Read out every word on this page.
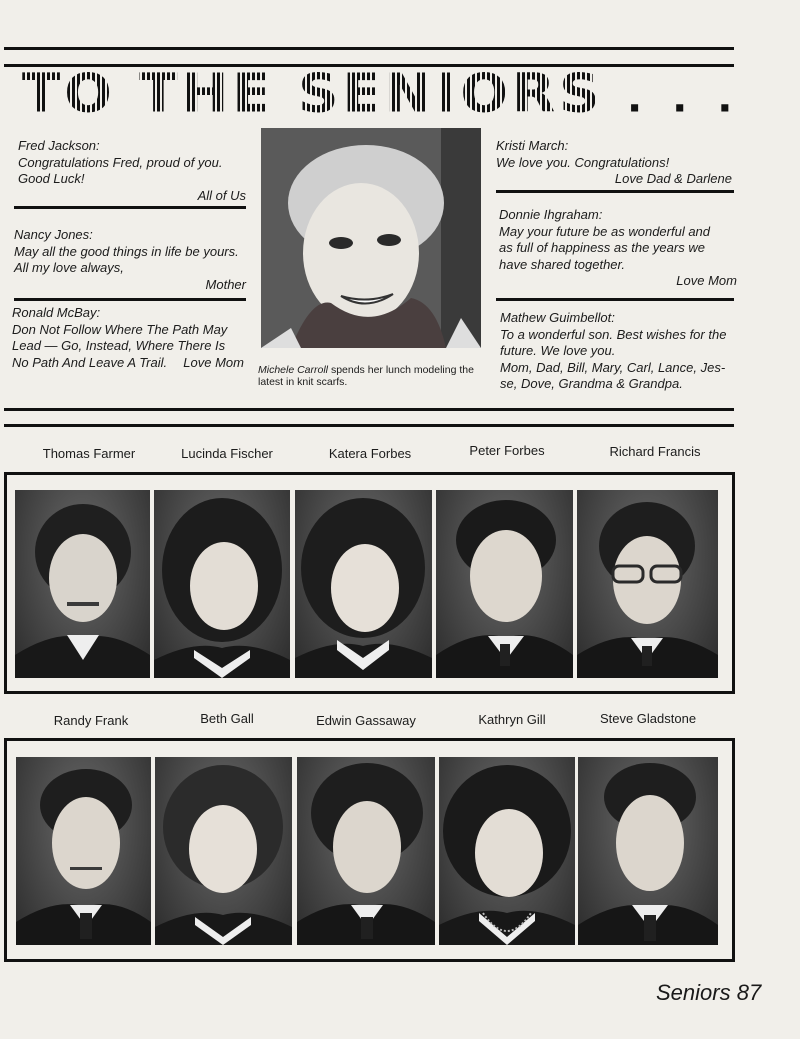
TO THE SENIORS . . .
Fred Jackson:
Congratulations Fred, proud of you.
Good Luck!
All of Us
Nancy Jones:
May all the good things in life be yours.
All my love always,
Mother
Ronald McBay:
Don Not Follow Where The Path May
Lead — Go, Instead, Where There Is
No Path And Leave A Trail.	Love Mom Michele Carroll spends her lunch modeling the latest in knit scarfs.
Kristi March:
We love you. Congratulations!
Love Dad & Darlene
Donnie Ihgraham:
May your future be as wonderful and
as full of happiness as the years we
have shared together.
Love Mom
Mathew Guimbellot:
To a wonderful son. Best wishes for the
future. We love you.
Mom, Dad, Bill, Mary, Carl, Lance, Jes-
se, Dove, Grandma & Grandpa.
Thomas Farmer	Lucinda Fischer	Katera Forbes	Peter Forbes	Richard Francis
Randy Frank	Beth Gall	Edwin Gassaway	Kathryn Gill	Steve Gladstone
Seniors 87
